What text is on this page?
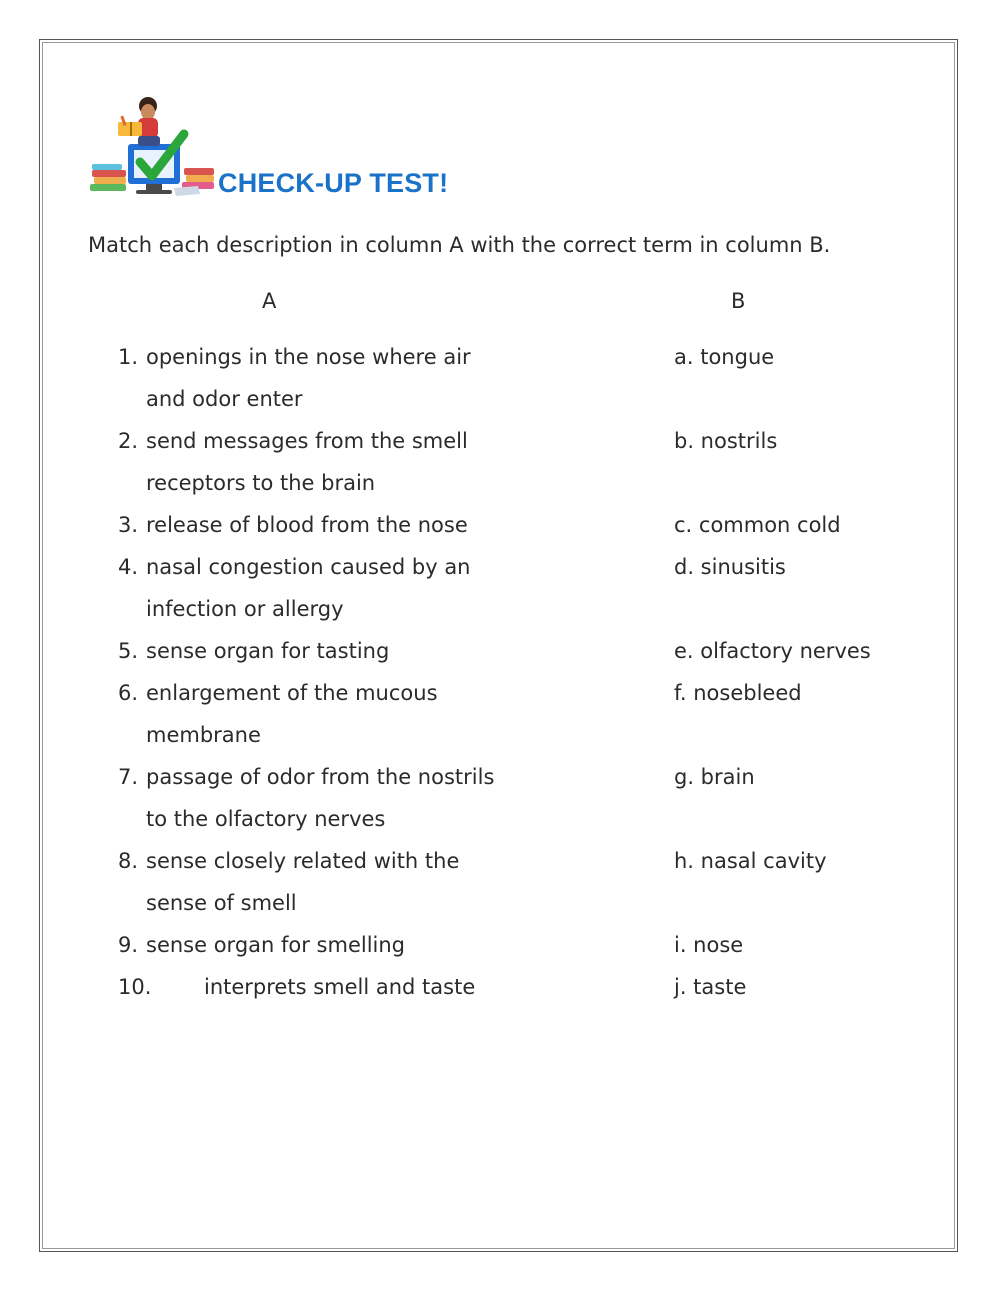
CHECK-UP TEST!
Match each description in column A with the correct term in column B.
A	B
1. openings in the nose where air
and odor enter
2. send messages from the smell
receptors to the brain
3. release of blood from the nose
4. nasal congestion caused by an
infection or allergy
5. sense organ for tasting
6. enlargement of the mucous
membrane
7. passage of odor from the nostrils
to the olfactory nerves
8. sense closely related with the
sense of smell
9. sense organ for smelling
10.	interprets smell and taste
a. tongue
b. nostrils
c. common cold
d. sinusitis
e. olfactory nerves
f. nosebleed
g. brain
h. nasal cavity
i. nose
j. taste
